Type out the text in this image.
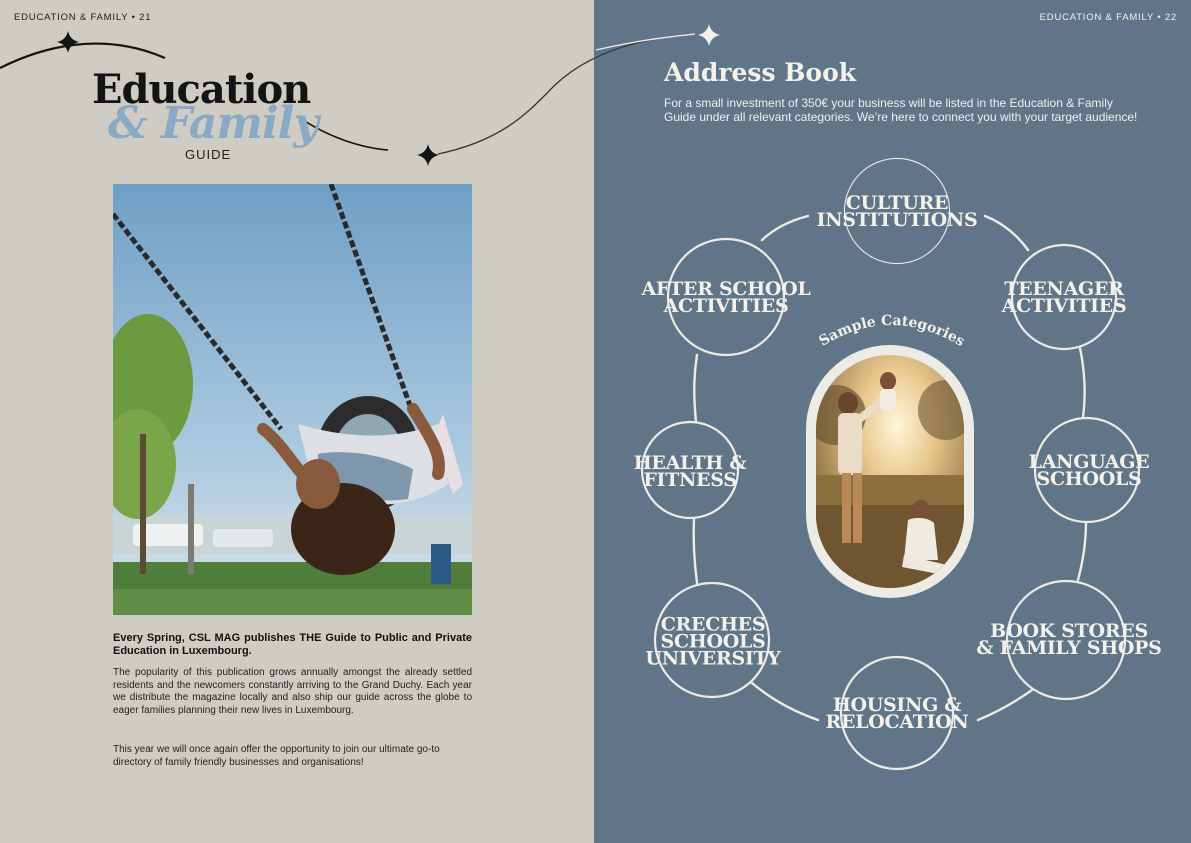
EDUCATION & FAMILY • 21	EDUCATION & FAMILY • 22
& Family
Education
GUIDE

Every Spring, CSL MAG publishes THE Guide to Public and Private Education in Luxembourg.

The popularity of this publication grows annually amongst the already settled residents and the newcomers constantly arriving to the Grand Duchy. Each year we distribute the magazine locally and also ship our guide across the globe to eager families planning their new lives in Luxembourg.

This year we will once again offer the opportunity to join our ultimate go-to directory of family friendly businesses and organisations!

Address Book

For a small investment of 350€ your business will be listed in the Education & Family Guide under all relevant categories. We’re here to connect you with your target audience!

Sample Categories
CULTURE
INSTITUTIONS
TEENAGER
ACTIVITIES
LANGUAGE
SCHOOLS
BOOK STORES
& FAMILY SHOPS
HOUSING &
RELOCATION
CRECHES
SCHOOLS
UNIVERSITY
HEALTH &
FITNESS
AFTER SCHOOL
ACTIVITIES
